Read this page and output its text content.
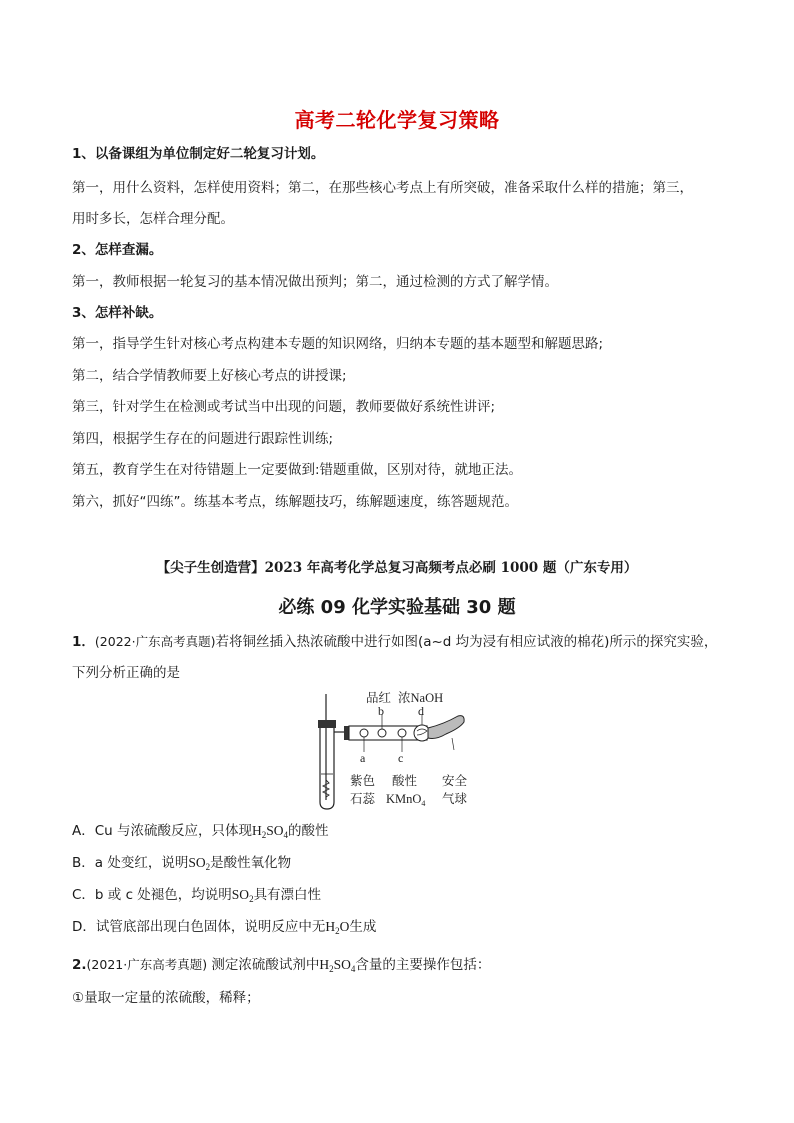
高考二轮化学复习策略
1、以备课组为单位制定好二轮复习计划。
第一，用什么资料，怎样使用资料；第二，在那些核心考点上有所突破，准备采取什么样的措施；第三，
用时多长，怎样合理分配。
2、怎样查漏。
第一，教师根据一轮复习的基本情况做出预判；第二，通过检测的方式了解学情。
3、怎样补缺。
第一，指导学生针对核心考点构建本专题的知识网络，归纳本专题的基本题型和解题思路;
第二，结合学情教师要上好核心考点的讲授课;
第三，针对学生在检测或考试当中出现的问题，教师要做好系统性讲评;
第四，根据学生存在的问题进行跟踪性训练;
第五，教育学生在对待错题上一定要做到:错题重做，区别对待，就地正法。
第六，抓好“四练”。练基本考点，练解题技巧，练解题速度，练答题规范。
【尖子生创造营】2023 年高考化学总复习高频考点必刷 1000 题（广东专用）
必练 09 化学实验基础 30 题
1．(2022·广东高考真题)若将铜丝插入热浓硫酸中进行如图(a~d 均为浸有相应试液的棉花)所示的探究实验，
下列分析正确的是
品红 浓NaOH
b	d
a	c
紫色
石蕊
酸性
KMnO$_4$
安全
气球
A．Cu 与浓硫酸反应，只体现$H_2SO_4$的酸性
B．a 处变红，说明$SO_2$是酸性氧化物
C．b 或 c 处褪色，均说明$SO_2$具有漂白性
D．试管底部出现白色固体，说明反应中无$H_2O$生成
2.(2021·广东高考真题) 测定浓硫酸试剂中$H_2SO_4$含量的主要操作包括：
①量取一定量的浓硫酸，稀释；
